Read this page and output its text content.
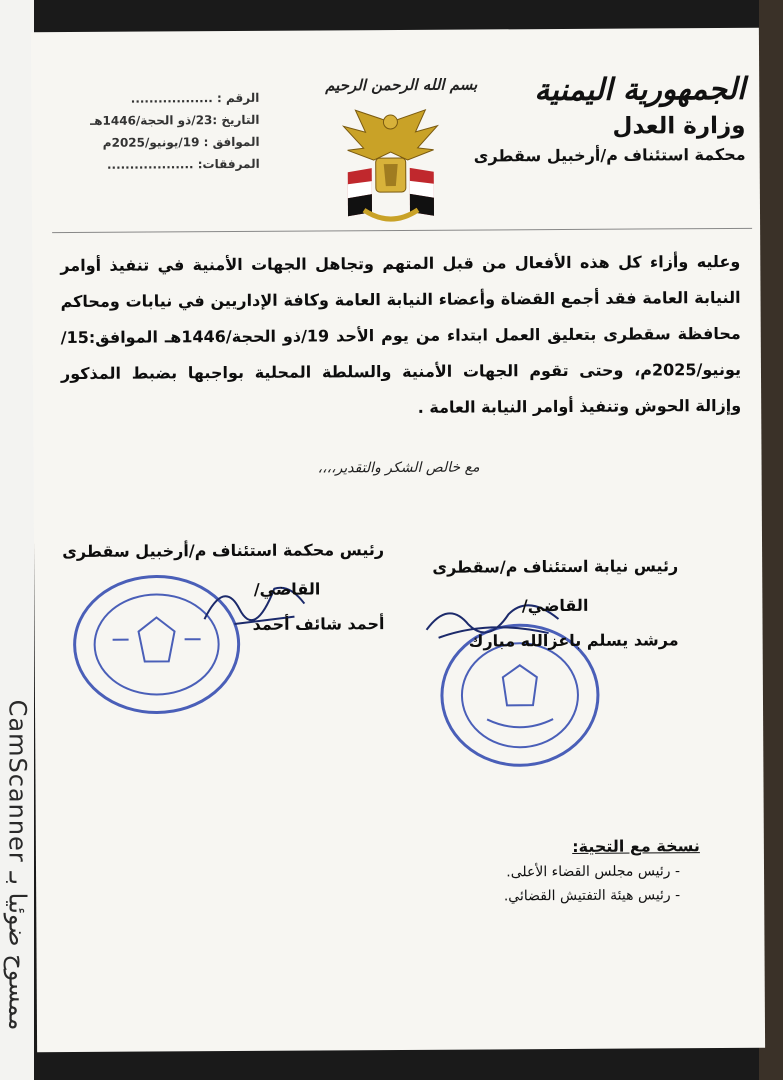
CamScanner ممسوح ضوئيا بـ
الجمهورية اليمنية
وزارة العدل
محكمة استئناف م/أرخبيل سقطرى
بسم الله الرحمن الرحيم
الرقم : ..................
التاريخ :23/ذو الحجة/1446هـ
الموافق : 19/يونيو/2025م
المرفقات: ...................
وعليه وأزاء كل هذه الأفعال من قبل المتهم وتجاهل الجهات الأمنية في تنفيذ أوامر النيابة العامة فقد أجمع القضاة وأعضاء النيابة العامة وكافة الإداريين في نيابات ومحاكم محافظة سقطرى بتعليق العمل ابتداء من يوم الأحد 19/ذو الحجة/1446هـ الموافق:15/يونيو/2025م، وحتى تقوم الجهات الأمنية والسلطة المحلية بواجبها بضبط المذكور وإزالة الحوش وتنفيذ أوامر النيابة العامة .
مع خالص الشكر والتقدير،،،،
رئيس محكمة استئناف م/أرخبيل سقطرى
القاضي/
أحمد شائف أحمد
رئيس نيابة استئناف م/سقطرى
القاضي/
مرشد يسلم باعزالله مبارك
نسخة مع التحية:
- رئيس مجلس القضاء الأعلى.
- رئيس هيئة التفتيش القضائي.
